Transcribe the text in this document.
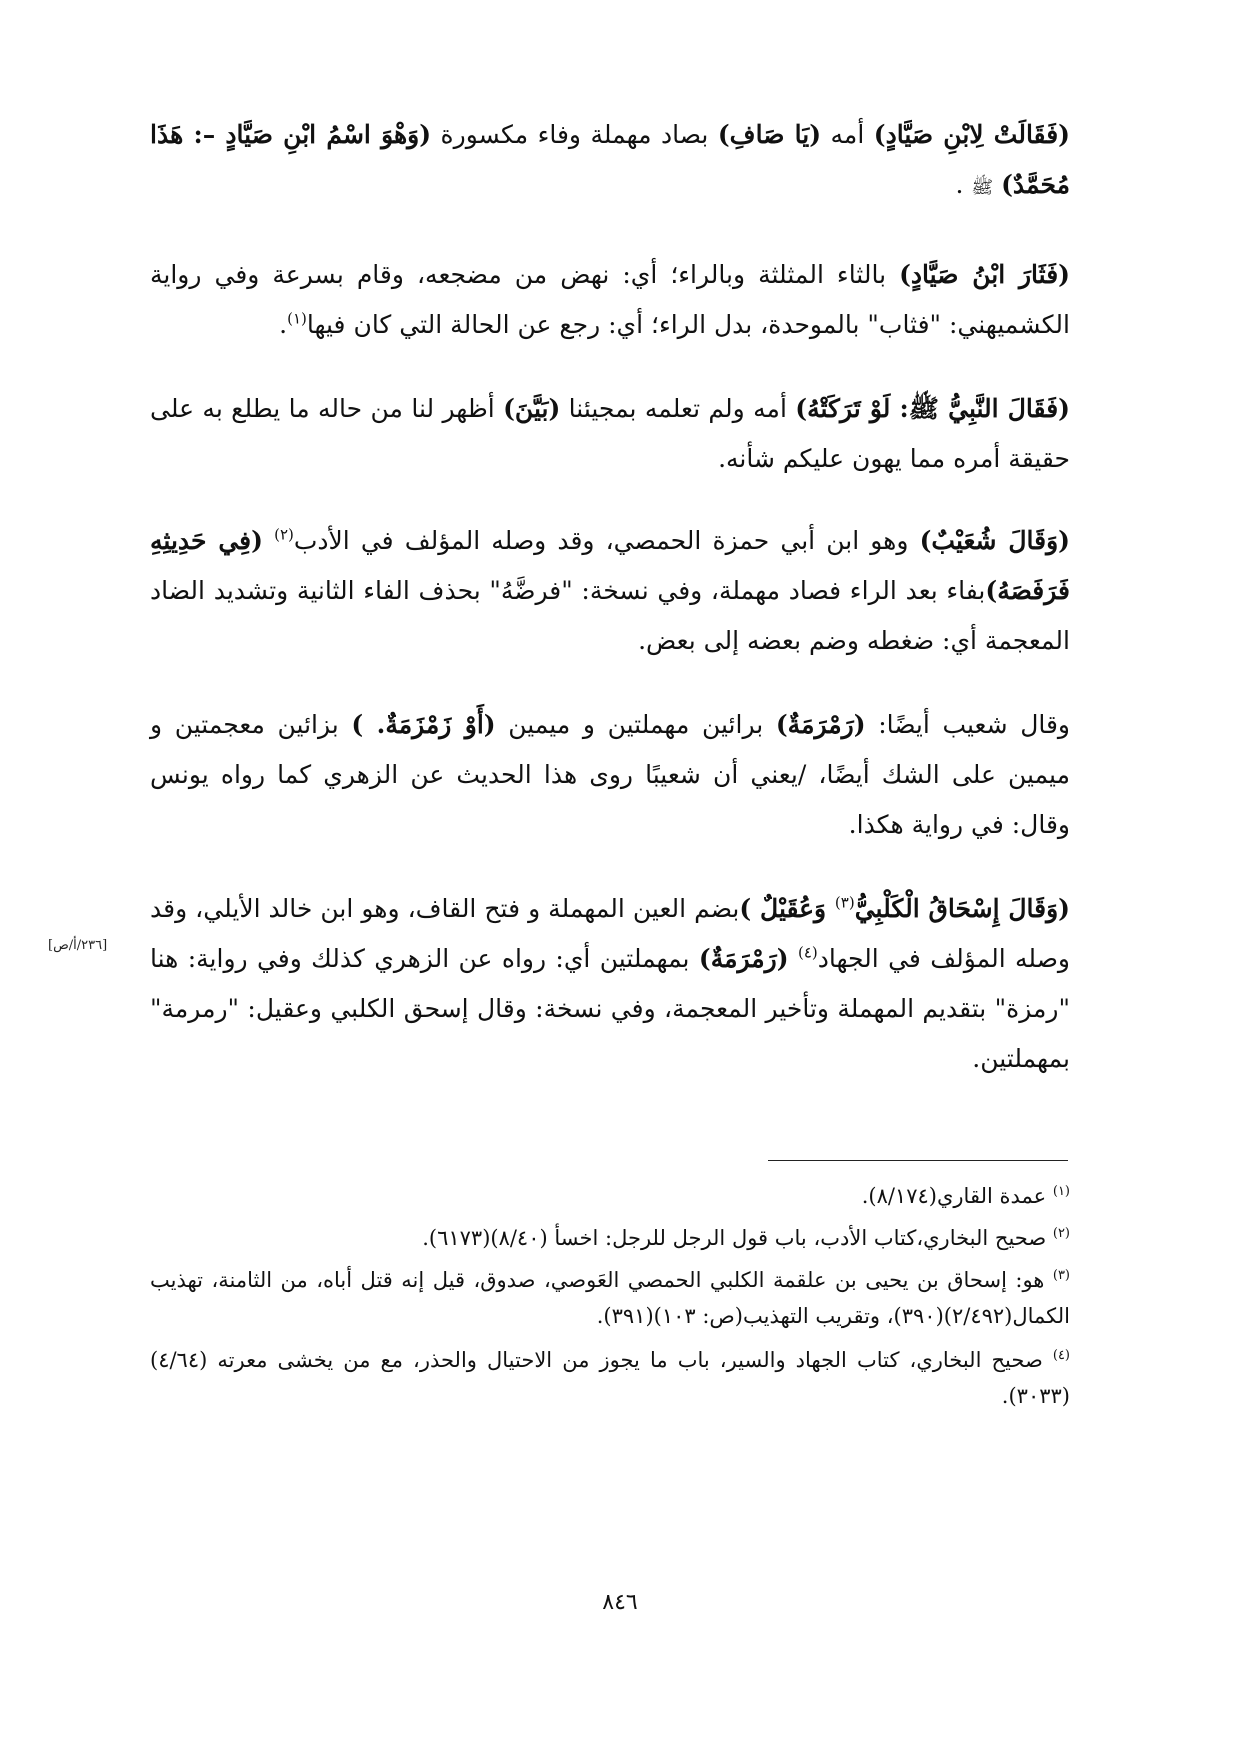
(فَقَالَتْ لِابْنِ صَيَّادٍ) أمه (يَا صَافِ) بصاد مهملة وفاء مكسورة (وَهْوَ اسْمُ ابْنِ صَيَّادٍ –: هَذَا مُحَمَّدٌ) ﷺ .

(فَثَارَ ابْنُ صَيَّادٍ) بالثاء المثلثة وبالراء؛ أي: نهض من مضجعه، وقام بسرعة وفي رواية الكشميهني: "فثاب" بالموحدة، بدل الراء؛ أي: رجع عن الحالة التي كان فيها$^{(١)}$.

(فَقَالَ النَّبِيُّ ﷺ: لَوْ تَرَكَتْهُ) أمه ولم تعلمه بمجيئنا (بَيَّنَ) أظهر لنا من حاله ما يطلع به على حقيقة أمره مما يهون عليكم شأنه.

(وَقَالَ شُعَيْبٌ) وهو ابن أبي حمزة الحمصي، وقد وصله المؤلف في الأدب$^{(٢)}$ (فِي حَدِيثِهِ فَرَفَصَهُ)بفاء بعد الراء فصاد مهملة، وفي نسخة: "فرضَّهُ" بحذف الفاء الثانية وتشديد الضاد المعجمة أي: ضغطه وضم بعضه إلى بعض.

وقال شعيب أيضًا: (رَمْرَمَةٌ) برائين مهملتين و ميمين (أَوْ زَمْزَمَةٌ. ) بزائين معجمتين و ميمين على الشك أيضًا، /يعني أن شعيبًا روى هذا الحديث عن الزهري كما رواه يونس وقال: في رواية هكذا.

[٢٣٦/أ/ص]

(وَقَالَ إِسْحَاقُ الْكَلْبِيُّ$^{(٣)}$ وَعُقَيْلٌ )بضم العين المهملة و فتح القاف، وهو ابن خالد الأيلي، وقد وصله المؤلف في الجهاد$^{(٤)}$ (رَمْرَمَةٌ) بمهملتين أي: رواه عن الزهري كذلك وفي رواية: هنا "رمزة" بتقديم المهملة وتأخير المعجمة، وفي نسخة: وقال إسحق الكلبي وعقيل: "رمرمة" بمهملتين.

$^{(١)}$ عمدة القاري(٨/١٧٤).

$^{(٢)}$ صحيح البخاري،كتاب الأدب، باب قول الرجل للرجل: اخسأ (٨/٤٠)(٦١٧٣).

$^{(٣)}$ هو: إسحاق بن يحيى بن علقمة الكلبي الحمصي العَوصي، صدوق، قيل إنه قتل أباه، من الثامنة، تهذيب الكمال(٢/٤٩٢)(٣٩٠)، وتقريب التهذيب(ص: ١٠٣)(٣٩١).

$^{(٤)}$ صحيح البخاري، كتاب الجهاد والسير، باب ما يجوز من الاحتيال والحذر، مع من يخشى معرته (٤/٦٤)(٣٠٣٣).

٨٤٦
